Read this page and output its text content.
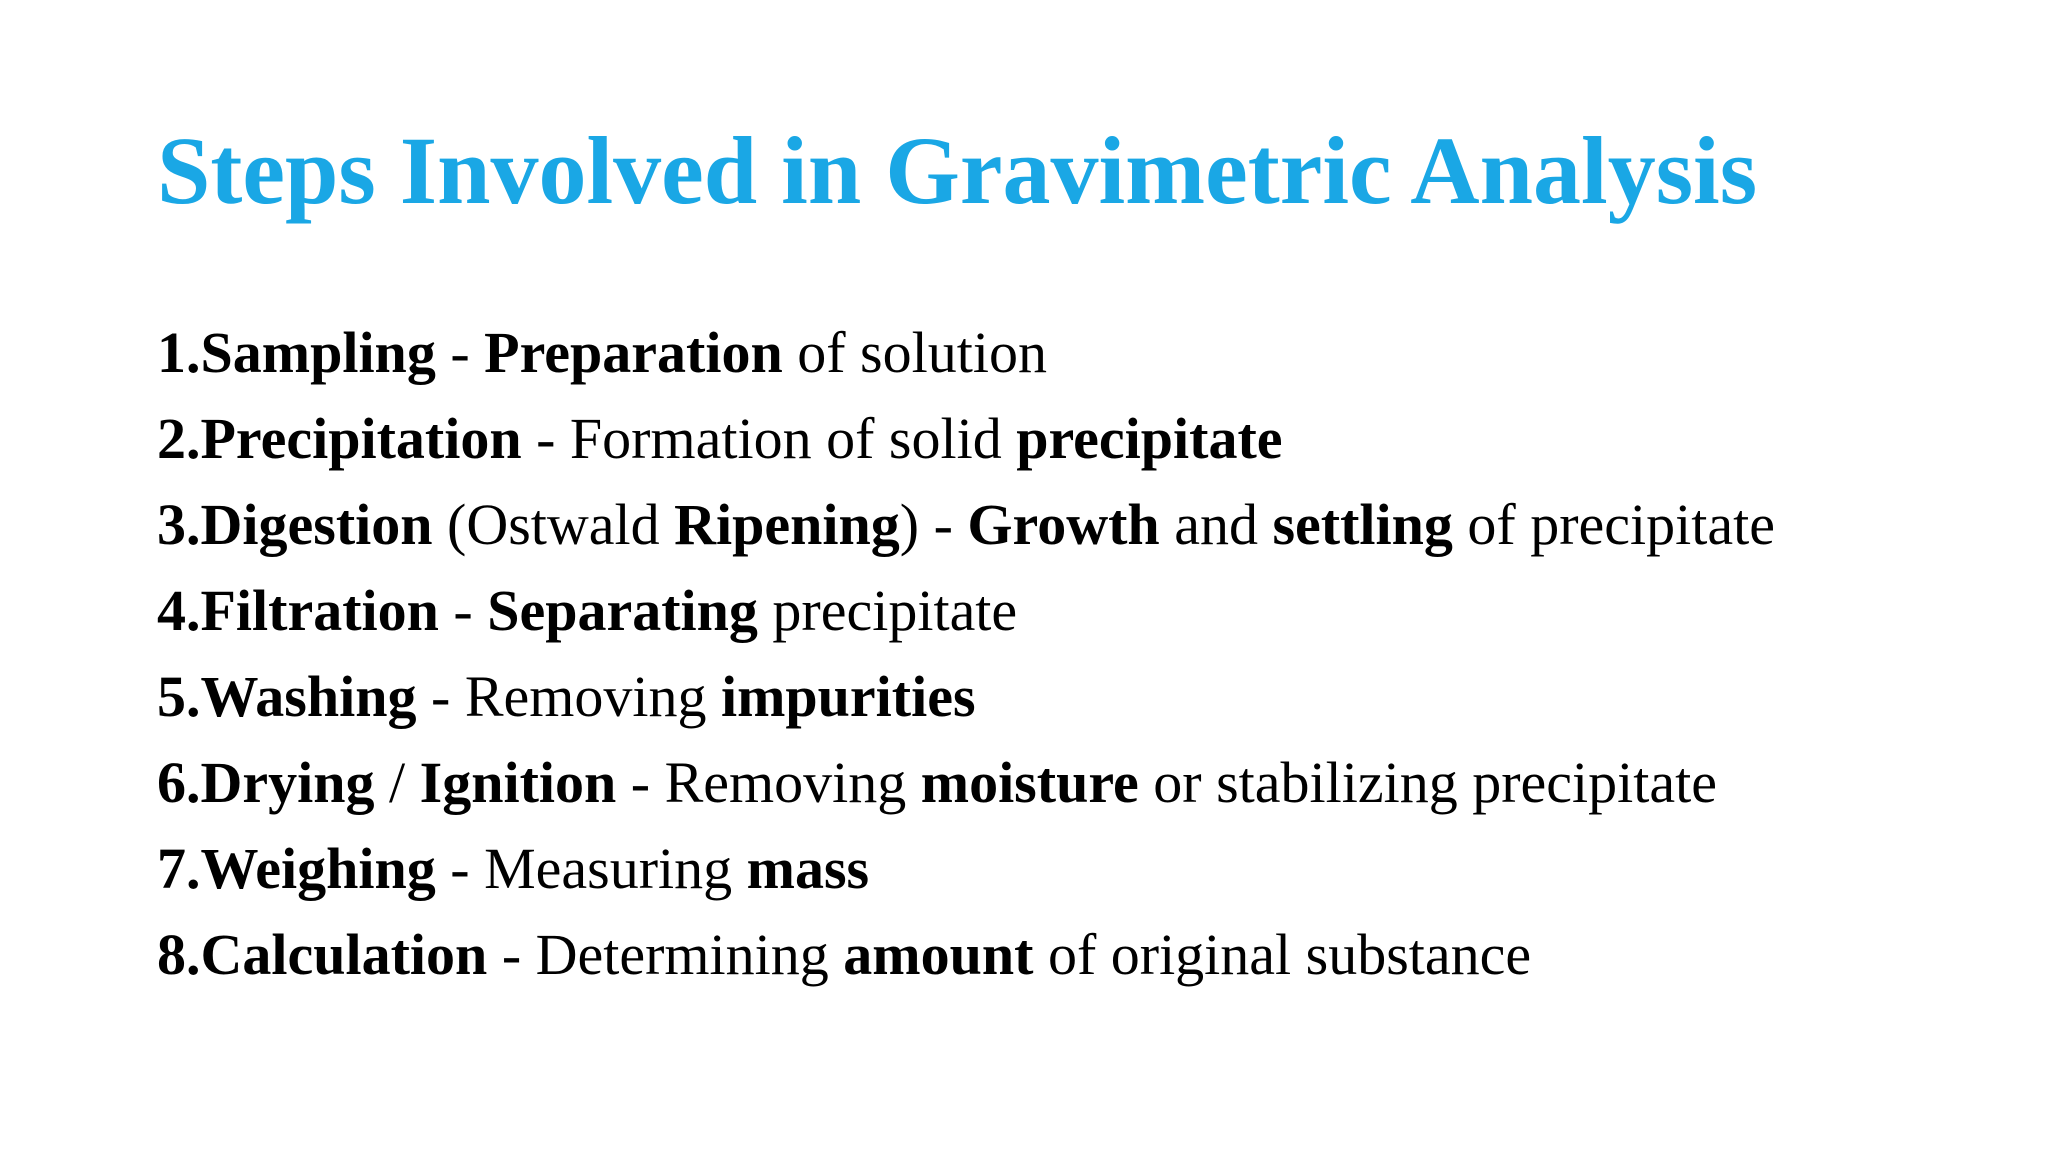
Steps Involved in Gravimetric Analysis
1.Sampling - Preparation of solution
2.Precipitation - Formation of solid precipitate
3.Digestion (Ostwald Ripening) - Growth and settling of precipitate
4.Filtration - Separating precipitate
5.Washing - Removing impurities
6.Drying / Ignition - Removing moisture or stabilizing precipitate
7.Weighing - Measuring mass
8.Calculation - Determining amount of original substance
